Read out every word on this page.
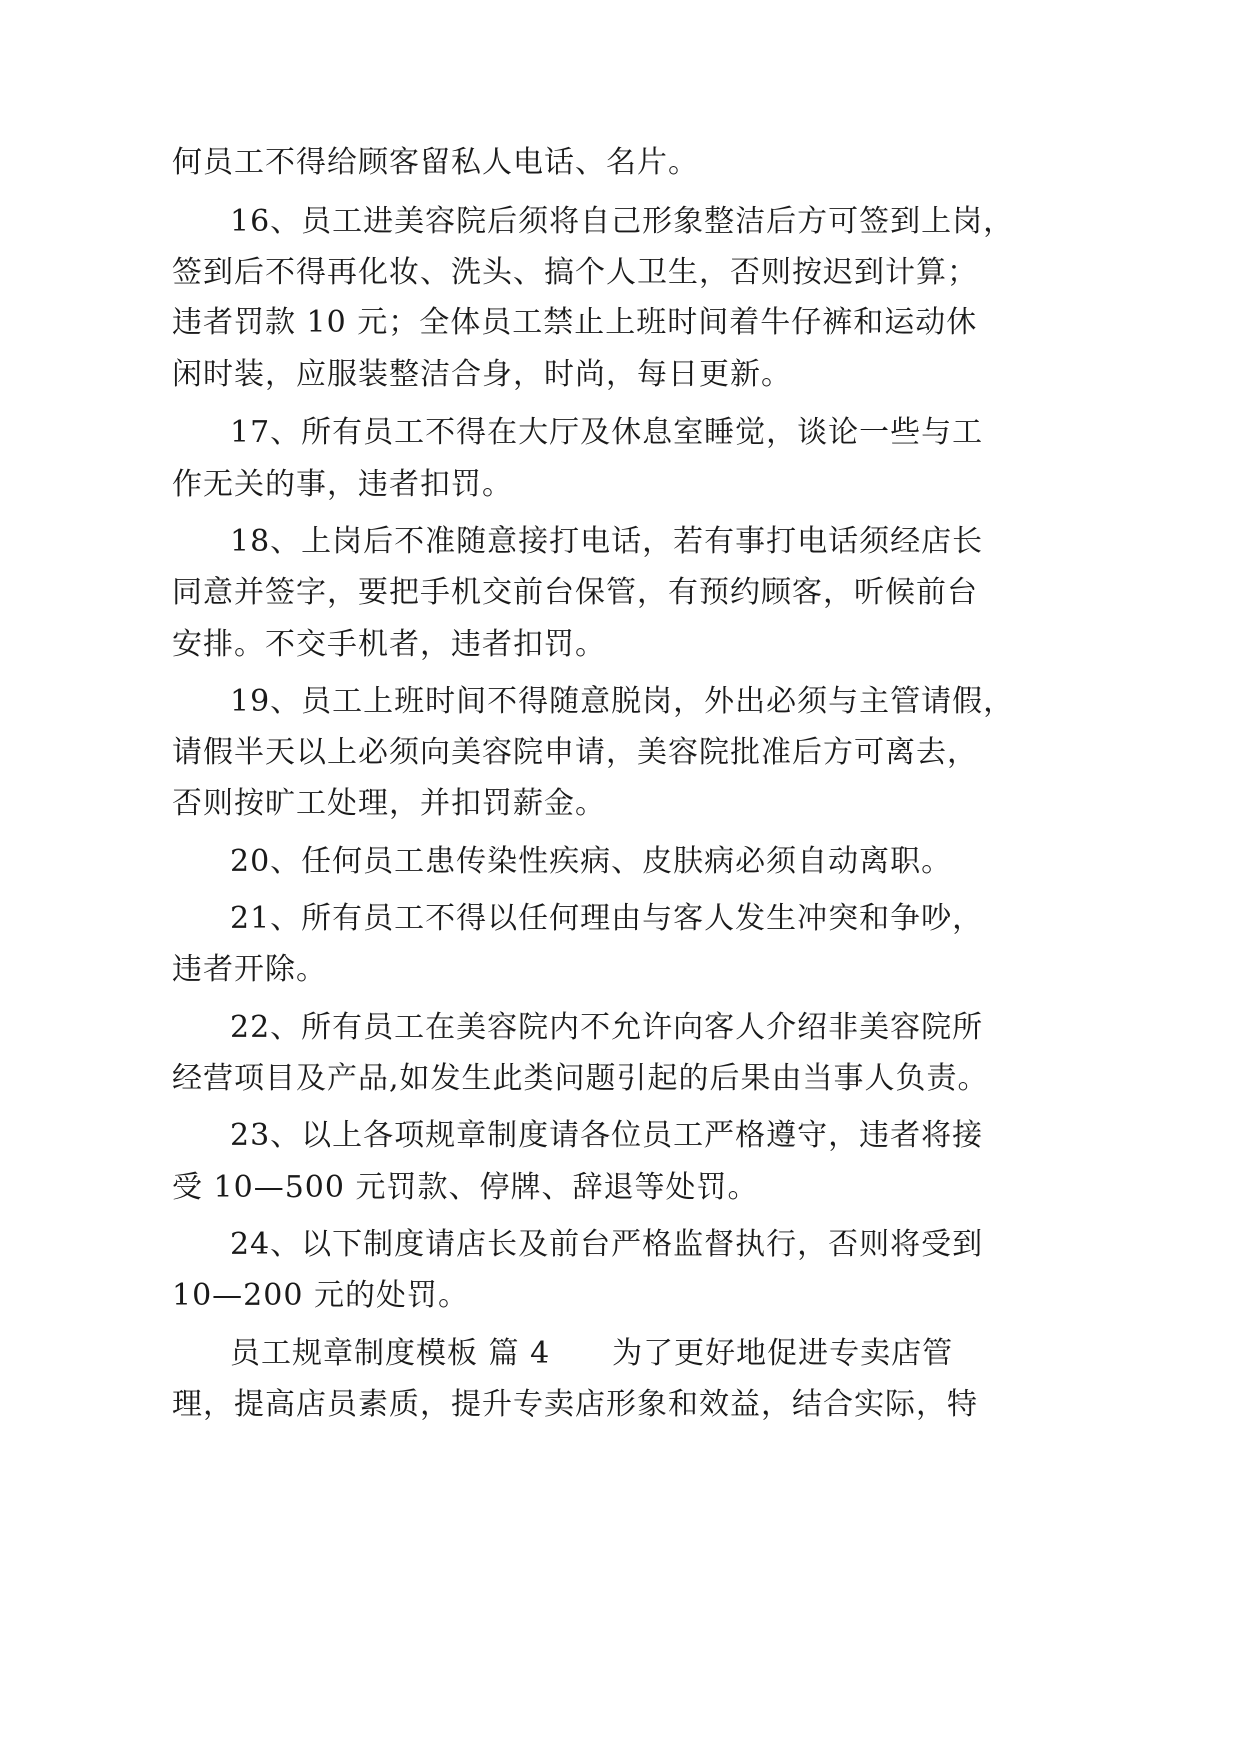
何员工不得给顾客留私人电话、名片。
16、员工进美容院后须将自己形象整洁后方可签到上岗，
签到后不得再化妆、洗头、搞个人卫生，否则按迟到计算；
违者罚款 10 元；全体员工禁止上班时间着牛仔裤和运动休
闲时装，应服装整洁合身，时尚，每日更新。
17、所有员工不得在大厅及休息室睡觉，谈论一些与工
作无关的事，违者扣罚。
18、上岗后不准随意接打电话，若有事打电话须经店长
同意并签字，要把手机交前台保管，有预约顾客，听候前台
安排。不交手机者，违者扣罚。
19、员工上班时间不得随意脱岗，外出必须与主管请假，
请假半天以上必须向美容院申请，美容院批准后方可离去，
否则按旷工处理，并扣罚薪金。
20、任何员工患传染性疾病、皮肤病必须自动离职。
21、所有员工不得以任何理由与客人发生冲突和争吵，
违者开除。
22、所有员工在美容院内不允许向客人介绍非美容院所
经营项目及产品,如发生此类问题引起的后果由当事人负责。
23、以上各项规章制度请各位员工严格遵守，违者将接
受 10—500 元罚款、停牌、辞退等处罚。
24、以下制度请店长及前台严格监督执行，否则将受到
10—200 元的处罚。
员工规章制度模板 篇 4　　为了更好地促进专卖店管
理，提高店员素质，提升专卖店形象和效益，结合实际，特
